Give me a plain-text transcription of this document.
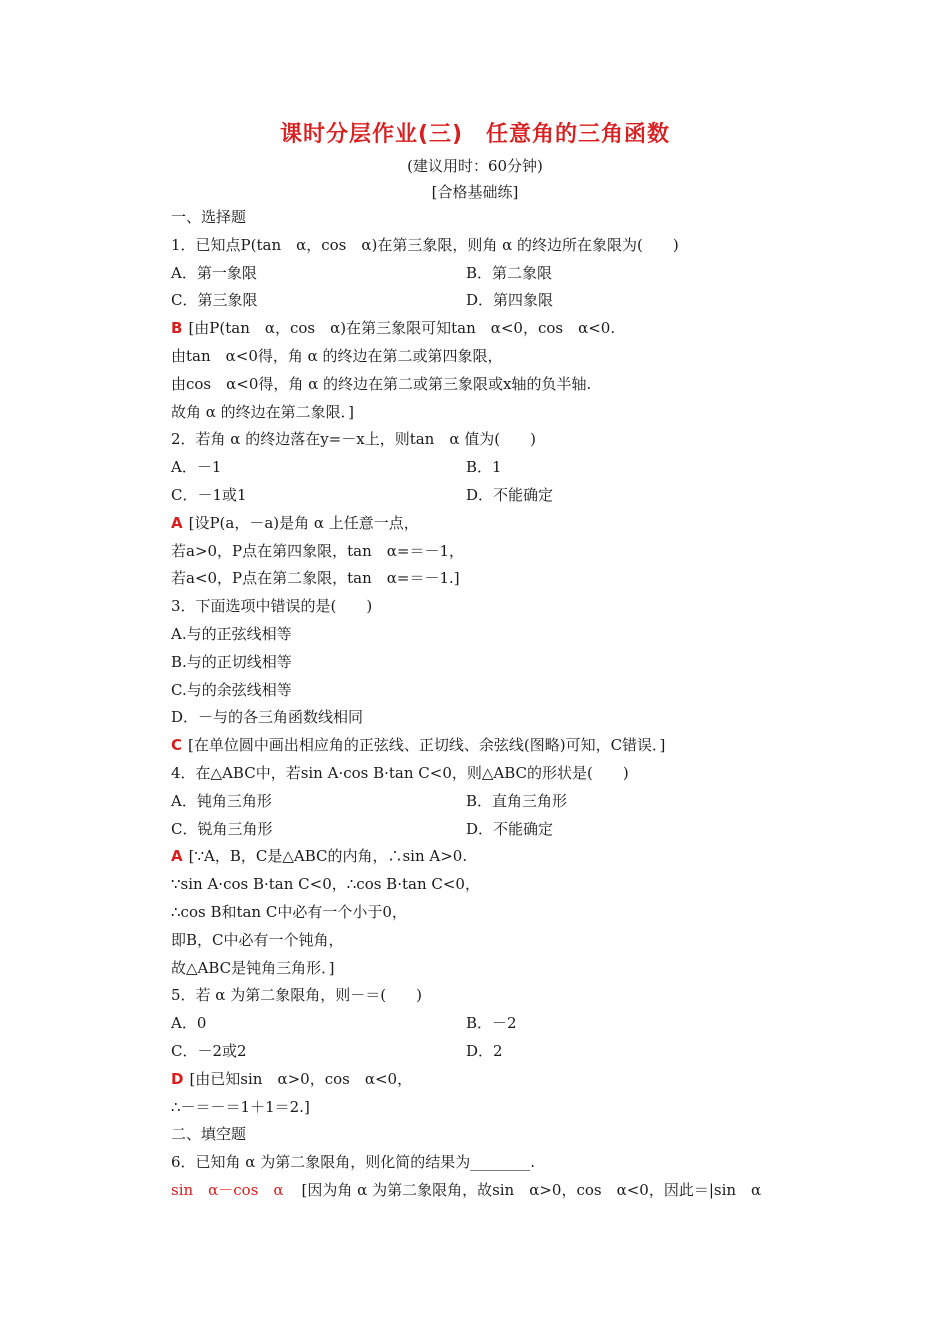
课时分层作业(三)　任意角的三角函数
(建议用时：60分钟)
[合格基础练]
一、选择题
1．已知点P(tan　α，cos　α)在第三象限，则角 α 的终边所在象限为(　　)
A．第一象限	B．第二象限
C．第三象限	D．第四象限
B [由P(tan　α，cos　α)在第三象限可知tan　α<0，cos　α<0.
由tan　α<0得，角 α 的终边在第二或第四象限，
由cos　α<0得，角 α 的终边在第二或第三象限或x轴的负半轴.
故角 α 的终边在第二象限．]
2．若角 α 的终边落在y=－x上，则tan　α 值为(　　)
A．－1	B．1
C．－1或1	D．不能确定
A [设P(a，－a)是角 α 上任意一点，
若a>0，P点在第四象限，tan　α=＝－1，
若a<0，P点在第二象限，tan　α=＝－1.]
3．下面选项中错误的是(　　)
A.与的正弦线相等
B.与的正切线相等
C.与的余弦线相等
D．－与的各三角函数线相同
C [在单位圆中画出相应角的正弦线、正切线、余弦线(图略)可知，C错误．]
4．在△ABC中，若sin A·cos B·tan C<0，则△ABC的形状是(　　)
A．钝角三角形	B．直角三角形
C．锐角三角形	D．不能确定
A [∵A，B，C是△ABC的内角，∴sin A>0.
∵sin A·cos B·tan C<0，∴cos B·tan C<0，
∴cos B和tan C中必有一个小于0，
即B，C中必有一个钝角，
故△ABC是钝角三角形．]
5．若 α 为第二象限角，则－＝(　　)
A．0	B．－2
C．－2或2	D．2
D [由已知sin　α>0，cos　α<0，
∴－＝－＝1＋1＝2.]
二、填空题
6．已知角 α 为第二象限角，则化简的结果为________.
sin　α－cos　α [因为角 α 为第二象限角，故sin　α>0，cos　α<0，因此＝|sin　α
